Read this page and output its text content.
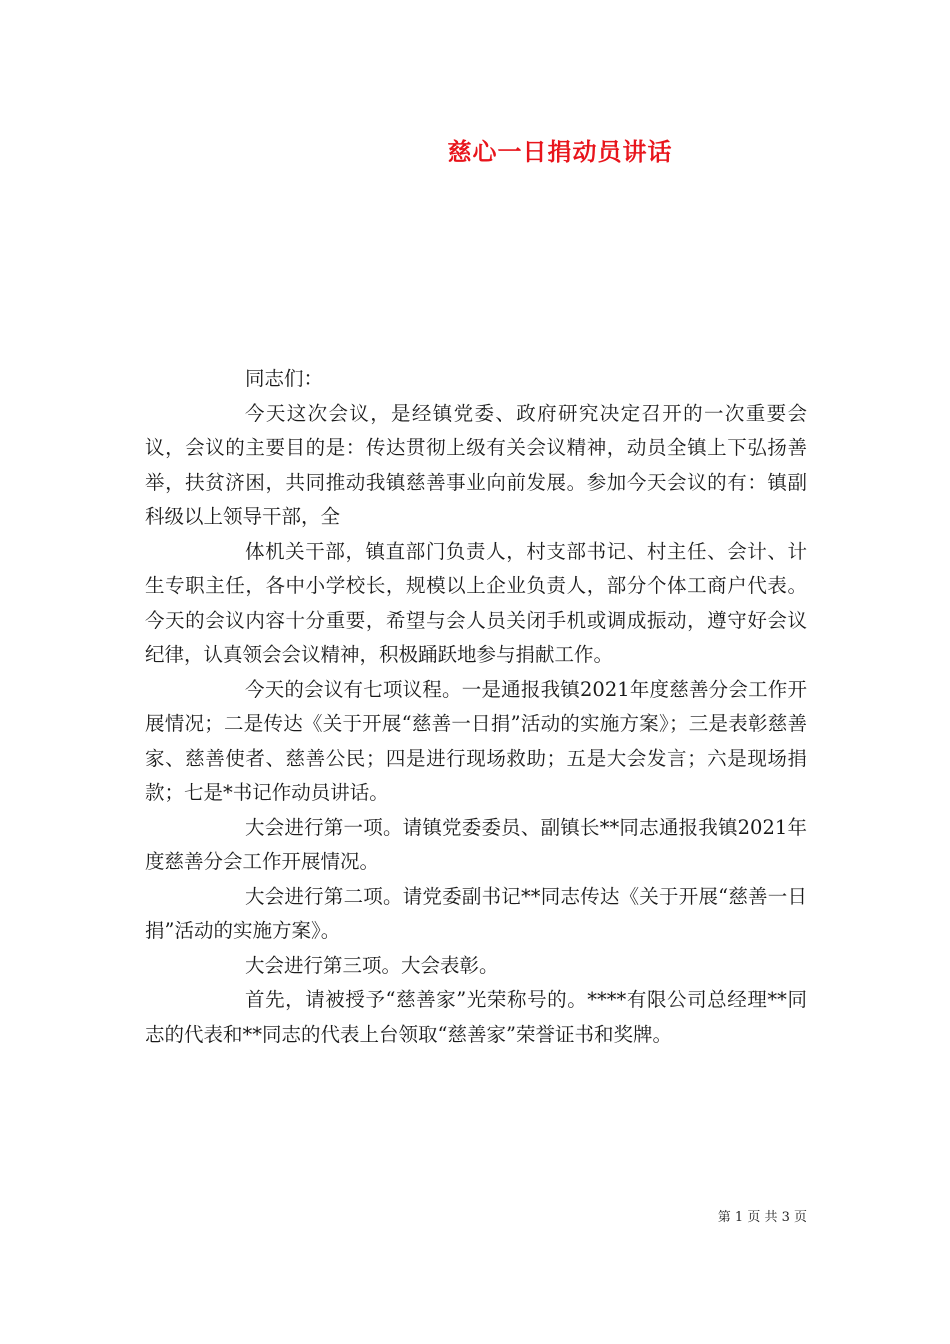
慈心一日捐动员讲话

同志们：

今天这次会议，是经镇党委、政府研究决定召开的一次重要会议，会议的主要目的是：传达贯彻上级有关会议精神，动员全镇上下弘扬善举，扶贫济困，共同推动我镇慈善事业向前发展。参加今天会议的有：镇副科级以上领导干部，全

体机关干部，镇直部门负责人，村支部书记、村主任、会计、计生专职主任，各中小学校长，规模以上企业负责人，部分个体工商户代表。今天的会议内容十分重要，希望与会人员关闭手机或调成振动，遵守好会议纪律，认真领会会议精神，积极踊跃地参与捐献工作。

今天的会议有七项议程。一是通报我镇2021年度慈善分会工作开展情况；二是传达《关于开展“慈善一日捐”活动的实施方案》；三是表彰慈善家、慈善使者、慈善公民；四是进行现场救助；五是大会发言；六是现场捐款；七是*书记作动员讲话。

大会进行第一项。请镇党委委员、副镇长**同志通报我镇2021年度慈善分会工作开展情况。

大会进行第二项。请党委副书记**同志传达《关于开展“慈善一日捐”活动的实施方案》。

大会进行第三项。大会表彰。

首先，请被授予“慈善家”光荣称号的。****有限公司总经理**同志的代表和**同志的代表上台领取“慈善家”荣誉证书和奖牌。

第 1 页 共 3 页
